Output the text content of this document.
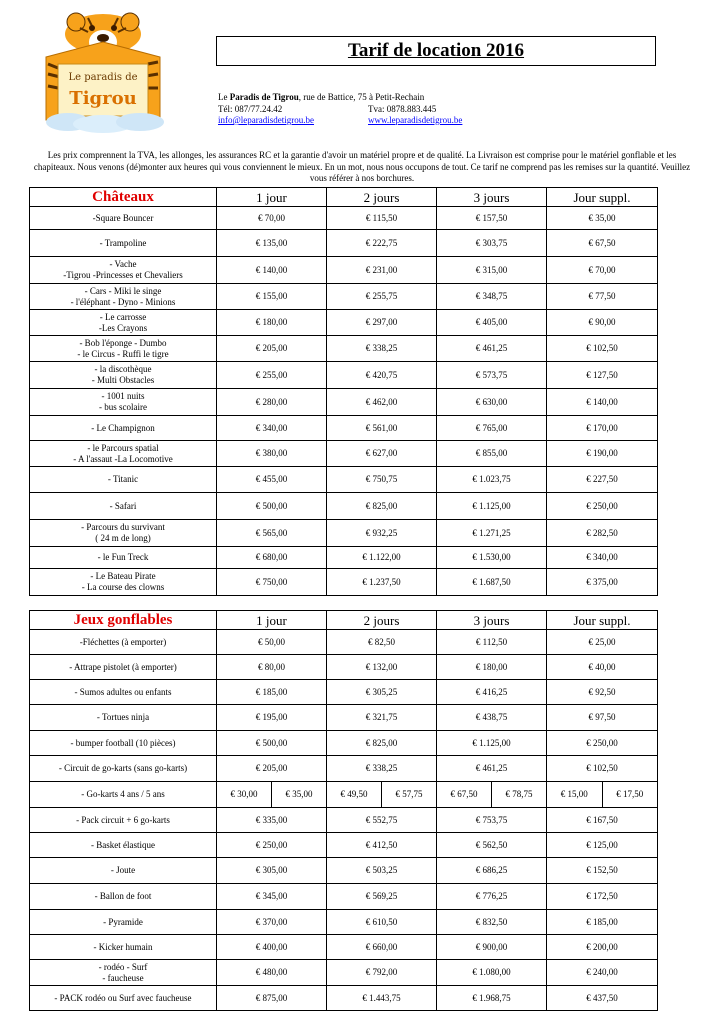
Le paradis de
Tigrou
Tarif de location 2016
Le Paradis de Tigrou, rue de Battice, 75 à Petit-Rechain
Tél: 087/77.24.42	Tva: 0878.883.445
info@leparadisdetigrou.be	www.leparadisdetigrou.be
Les prix comprennent la TVA, les allonges, les assurances RC et la garantie d'avoir un matériel propre et de qualité. La Livraison est comprise pour le matériel gonflable et les chapiteaux. Nous venons (dé)monter aux heures qui vous conviennent le mieux. En un mot, nous nous occupons de tout. Ce tarif ne comprend pas les remises sur la quantité. Veuillez vous référer à nos borchures.
Châteaux	1 jour	2 jours	3 jours	Jour suppl.
-Square Bouncer	€ 70,00	€ 115,50	€ 157,50	€ 35,00
- Trampoline	€ 135,00	€ 222,75	€ 303,75	€ 67,50
- Vache
-Tigrou -Princesses et Chevaliers	€ 140,00	€ 231,00	€ 315,00	€ 70,00
- Cars - Miki le singe
- l'éléphant - Dyno - Minions	€ 155,00	€ 255,75	€ 348,75	€ 77,50
- Le carrosse
-Les Crayons	€ 180,00	€ 297,00	€ 405,00	€ 90,00
- Bob l'éponge - Dumbo
- le Circus - Ruffi le tigre	€ 205,00	€ 338,25	€ 461,25	€ 102,50
- la discothèque
- Multi Obstacles	€ 255,00	€ 420,75	€ 573,75	€ 127,50
- 1001 nuits
- bus scolaire	€ 280,00	€ 462,00	€ 630,00	€ 140,00
- Le Champignon	€ 340,00	€ 561,00	€ 765,00	€ 170,00
- le Parcours spatial
- A l'assaut -La Locomotive	€ 380,00	€ 627,00	€ 855,00	€ 190,00
- Titanic	€ 455,00	€ 750,75	€ 1.023,75	€ 227,50
- Safari	€ 500,00	€ 825,00	€ 1.125,00	€ 250,00
- Parcours du survivant
( 24 m de long)	€ 565,00	€ 932,25	€ 1.271,25	€ 282,50
- le Fun Treck	€ 680,00	€ 1.122,00	€ 1.530,00	€ 340,00
- Le Bateau Pirate
- La course des clowns	€ 750,00	€ 1.237,50	€ 1.687,50	€ 375,00
Jeux gonflables	1 jour	2 jours	3 jours	Jour suppl.
-Fléchettes (à emporter)	€ 50,00	€ 82,50	€ 112,50	€ 25,00
- Attrape pistolet (à emporter)	€ 80,00	€ 132,00	€ 180,00	€ 40,00
- Sumos adultes ou enfants	€ 185,00	€ 305,25	€ 416,25	€ 92,50
- Tortues ninja	€ 195,00	€ 321,75	€ 438,75	€ 97,50
- bumper football (10 pièces)	€ 500,00	€ 825,00	€ 1.125,00	€ 250,00
- Circuit de go-karts (sans go-karts)	€ 205,00	€ 338,25	€ 461,25	€ 102,50
- Go-karts 4 ans / 5 ans	€ 30,00 € 35,00	€ 49,50 € 57,75	€ 67,50 € 78,75	€ 15,00 € 17,50

- Pack circuit + 6 go-karts	€ 335,00	€ 552,75	€ 753,75	€ 167,50
- Basket élastique	€ 250,00	€ 412,50	€ 562,50	€ 125,00
- Joute	€ 305,00	€ 503,25	€ 686,25	€ 152,50
- Ballon de foot	€ 345,00	€ 569,25	€ 776,25	€ 172,50
- Pyramide	€ 370,00	€ 610,50	€ 832,50	€ 185,00
- Kicker humain	€ 400,00	€ 660,00	€ 900,00	€ 200,00
- rodéo - Surf
- faucheuse	€ 480,00	€ 792,00	€ 1.080,00	€ 240,00
- PACK rodéo ou Surf avec faucheuse	€ 875,00	€ 1.443,75	€ 1.968,75	€ 437,50
